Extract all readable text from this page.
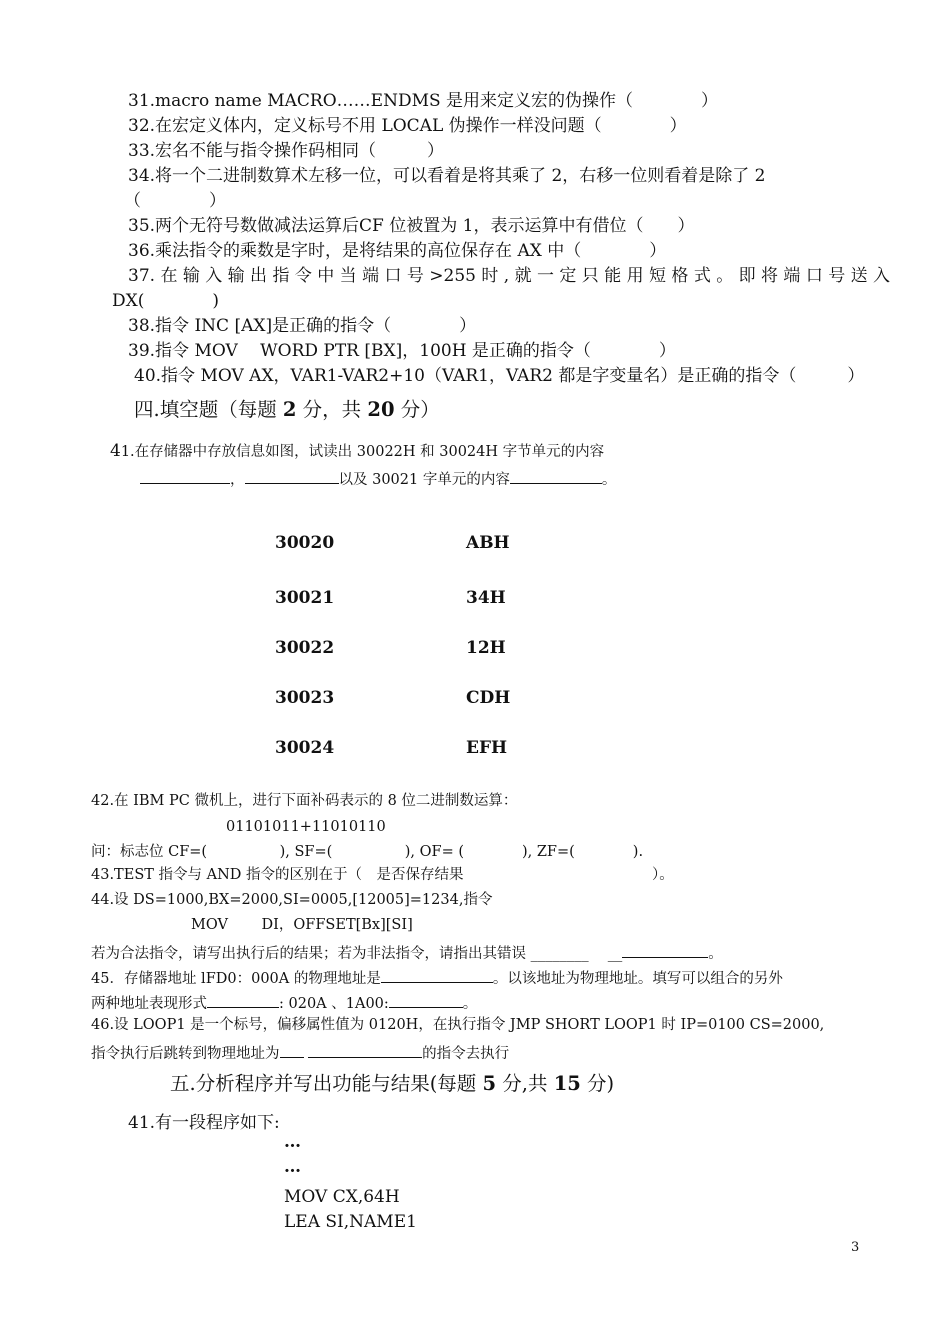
31.macro name MACRO……ENDMS 是用来定义宏的伪操作（　　　　）
32.在宏定义体内，定义标号不用 LOCAL 伪操作一样没问题（　　　　）
33.宏名不能与指令操作码相同（　　　）
34.将一个二进制数算术左移一位，可以看着是将其乘了 2，右移一位则看着是除了 2
（　　　　）
35.两个无符号数做减法运算后CF 位被置为 1，表示运算中有借位（　　）
36.乘法指令的乘数是字时，是将结果的高位保存在 AX 中（　　　　）
37. 在 输 入 输 出 指 令 中 当 端 口 号 >255 时 , 就 一 定 只 能 用 短 格 式 。 即 将 端 口 号 送 入
DX(　　　　)
38.指令 INC [AX]是正确的指令（　　　　）
39.指令 MOV　 WORD PTR [BX]，100H 是正确的指令（　　　　）
40.指令 MOV AX，VAR1-VAR2+10（VAR1，VAR2 都是字变量名）是正确的指令（　　　）
四.填空题（每题 2 分，共 20 分）
41.在存储器中存放信息如图，试读出 30022H 和 30024H 字节单元的内容
，	以及 30021 字单元的内容	。
30020	ABH
30021	34H
30022	12H
30023	CDH
30024	EFH
42.在 IBM PC 微机上，进行下面补码表示的 8 位二进制数运算：
01101011+11010110
问：标志位 CF=(　　　　　), SF=(　　　　　), OF= (　　　　), ZF=(　　　　).
43.TEST 指令与 AND 指令的区别在于（　是否保存结果　　　　　　　　　　　　　）。
44.设 DS=1000,BX=2000,SI=0005,[12005]=1234,指令
MOV　　 DI，OFFSET[Bx][SI]
若为合法指令，请写出执行后的结果；若为非法指令，请指出其错误 ________　 __	。
45．存储器地址 lFD0：000A 的物理地址是	。以该地址为物理地址。填写可以组合的另外
两种地址表现形式	: 020A 、1A00:	。
46.设 LOOP1 是一个标号，偏移属性值为 0120H，在执行指令 JMP SHORT LOOP1 时 IP=0100 CS=2000,
指令执行后跳转到物理地址为	的指令去执行
五.分析程序并写出功能与结果(每题 5 分,共 15 分)
41.有一段程序如下:
…
…
MOV CX,64H
LEA SI,NAME1
3
